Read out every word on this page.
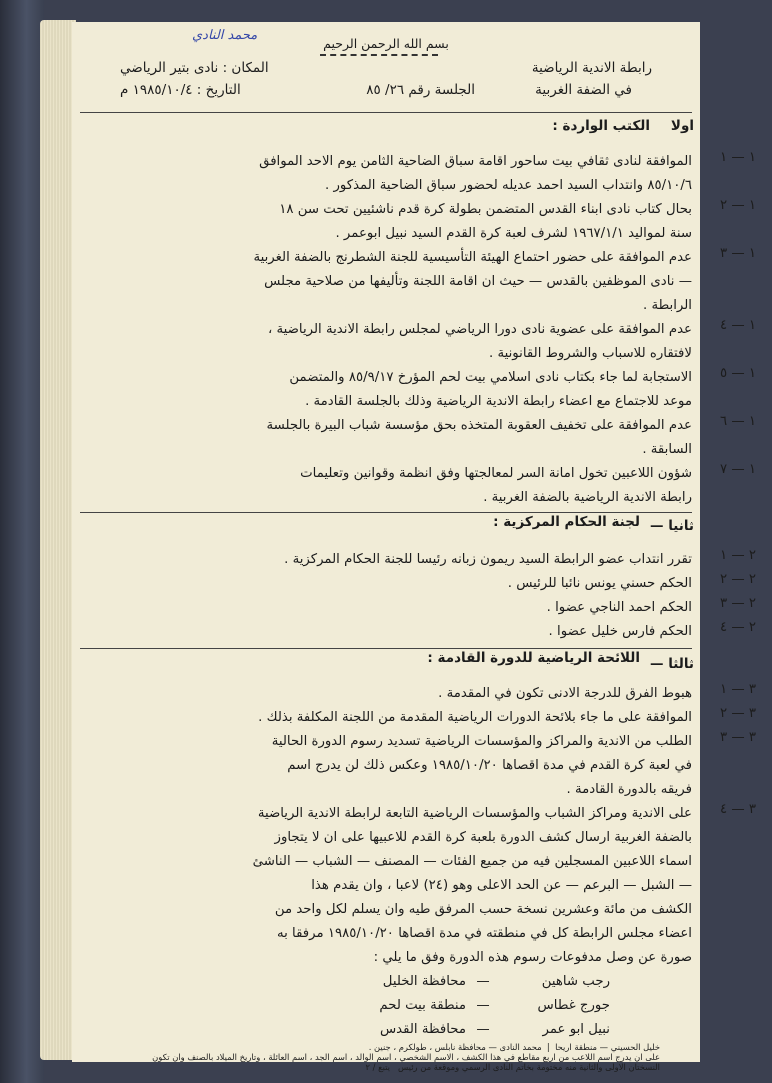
محمد النادي
بسم الله الرحمن الرحيم
رابطة الاندية الرياضية
في الضفة الغربية
الجلسة رقم ٢٦/ ٨٥
المكان : نادى بتير الرياضي
التاريخ : ١٩٨٥/١٠/٤ م
اولا
الكتب الواردة :
١ — ١
الموافقة لنادى ثقافي بيت ساحور اقامة سباق الضاحية الثامن يوم الاحد الموافق
٨٥/١٠/٦ وانتداب السيد احمد عديله لحضور سباق الضاحية المذكور .
١ — ٢
بحال كتاب نادى ابناء القدس المتضمن بطولة كرة قدم ناشئيين تحت سن ١٨
سنة لمواليد ١٩٦٧/١/١ لشرف لعبة كرة القدم السيد نبيل ابوعمر .
١ — ٣
عدم الموافقة على حضور احتماع الهيئة التأسيسية للجنة الشطرنج بالضفة الغربية
— نادى الموظفين بالقدس — حيث ان اقامة اللجنة وتأليفها من صلاحية مجلس
الرابطة .
١ — ٤
عدم الموافقة على عضوية نادى دورا الرياضي لمجلس رابطة الاندية الرياضية ،
لافتقاره للاسباب والشروط القانونية .
١ — ٥
الاستجابة لما جاء بكتاب نادى اسلامي بيت لحم المؤرخ ٨٥/٩/١٧ والمتضمن
موعد للاجتماع مع اعضاء رابطة الاندية الرياضية وذلك بالجلسة القادمة .
١ — ٦
عدم الموافقة على تخفيف العقوبة المتخذه بحق مؤسسة شباب البيرة بالجلسة
السابقة .
١ — ٧
شؤون اللاعبين تخول امانة السر لمعالجتها وفق انظمة وقوانين وتعليمات
رابطة الاندية الرياضية بالضفة الغربية .
ثانيا —
لجنة الحكام المركزية :
٢ — ١
تقرر انتداب عضو الرابطة السيد ريمون زبانه رئيسا للجنة الحكام المركزية .
٢ — ٢
الحكم حسني يونس نائبا للرئيس .
٢ — ٣
الحكم احمد الناجي عضوا .
٢ — ٤
الحكم فارس خليل عضوا .
ثالثا —
اللائحة الرياضية للدورة القادمة :
٣ — ١
هبوط الفرق للدرجة الادنى تكون في المقدمة .
٣ — ٢
الموافقة على ما جاء بلائحة الدورات الرياضية المقدمة من اللجنة المكلفة بذلك .
٣ — ٣
الطلب من الاندية والمراكز والمؤسسات الرياضية تسديد رسوم الدورة الحالية
في لعبة كرة القدم في مدة اقصاها ١٩٨٥/١٠/٢٠ وعكس ذلك لن يدرج اسم
فريقه بالدورة القادمة .
٣ — ٤
على الاندية ومراكز الشباب والمؤسسات الرياضية التابعة لرابطة الاندية الرياضية
بالضفة الغربية ارسال كشف الدورة بلعبة كرة القدم للاعبيها على ان لا يتجاوز
اسماء اللاعبين المسجلين فيه من جميع الفئات — المصنف — الشباب — الناشئ
— الشبل — البرعم — عن الحد الاعلى وهو (٢٤) لاعبا ، وان يقدم هذا
الكشف من مائة وعشرين نسخة حسب المرفق طيه وان يسلم لكل واحد من
اعضاء مجلس الرابطة كل في منطقته في مدة اقصاها ١٩٨٥/١٠/٢٠ مرفقا به
صورة عن وصل مدفوعات رسوم هذه الدورة وفق ما يلي :
رجب شاهين—محافظة الخليل
جورج غطاس—منطقة بيت لحم
نبيل ابو عمر—محافظة القدس
خليل الحسيني — منطقة اريحا  |  محمد النادى — محافظة نابلس ، طولكرم ، جنين .
على ان يدرج اسم اللاعب من اربع مقاطع في هذا الكشف ، الاسم الشخصي ، اسم الوالد ، اسم الجد ، اسم العائلة ، وتاريخ الميلاد بالصنف وان تكون
النسختان الاولى والثانية منه مختومة بخاتم النادى الرسمي وموقعة من رئيس   يتبع / ٢
